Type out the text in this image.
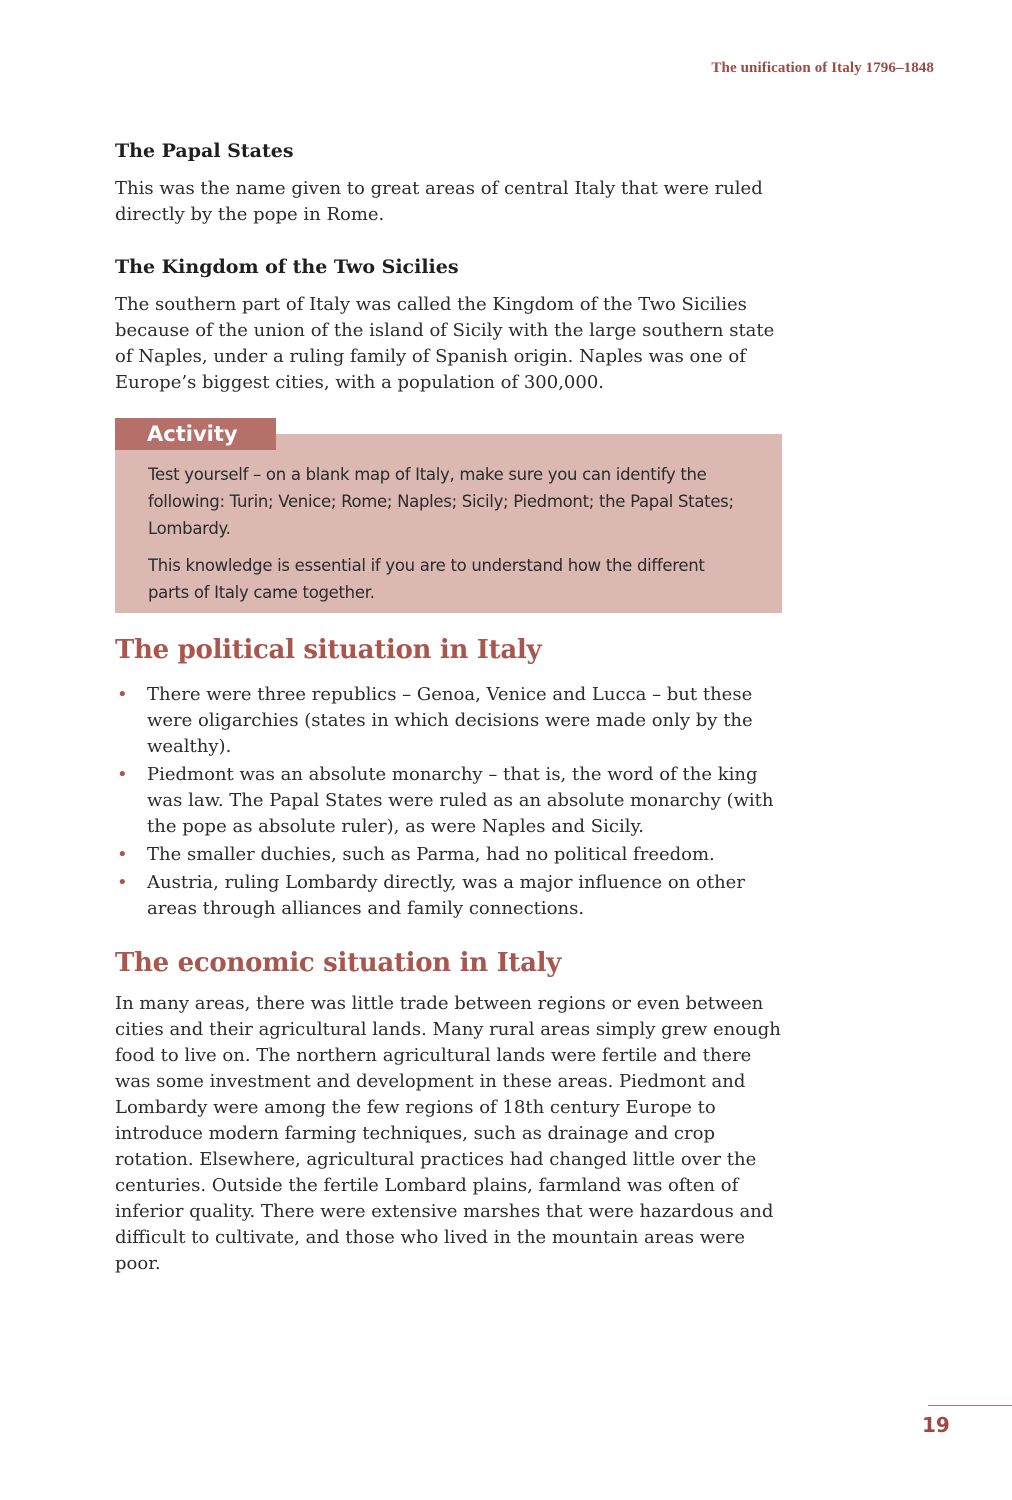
The unification of Italy 1796–1848
The Papal States

This was the name given to great areas of central Italy that were ruled directly by the pope in Rome.

The Kingdom of the Two Sicilies

The southern part of Italy was called the Kingdom of the Two Sicilies because of the union of the island of Sicily with the large southern state of Naples, under a ruling family of Spanish origin. Naples was one of Europe’s biggest cities, with a population of 300,000.

Activity

Test yourself – on a blank map of Italy, make sure you can identify the following: Turin; Venice; Rome; Naples; Sicily; Piedmont; the Papal States; Lombardy.

This knowledge is essential if you are to understand how the different parts of Italy came together.

The political situation in Italy
• There were three republics – Genoa, Venice and Lucca – but these were oligarchies (states in which decisions were made only by the wealthy).
• Piedmont was an absolute monarchy – that is, the word of the king was law. The Papal States were ruled as an absolute monarchy (with the pope as absolute ruler), as were Naples and Sicily.
• The smaller duchies, such as Parma, had no political freedom.
• Austria, ruling Lombardy directly, was a major influence on other areas through alliances and family connections.
The economic situation in Italy

In many areas, there was little trade between regions or even between cities and their agricultural lands. Many rural areas simply grew enough food to live on. The northern agricultural lands were fertile and there was some investment and development in these areas. Piedmont and Lombardy were among the few regions of 18th century Europe to introduce modern farming techniques, such as drainage and crop rotation. Elsewhere, agricultural practices had changed little over the centuries. Outside the fertile Lombard plains, farmland was often of inferior quality. There were extensive marshes that were hazardous and difficult to cultivate, and those who lived in the mountain areas were poor.

19
